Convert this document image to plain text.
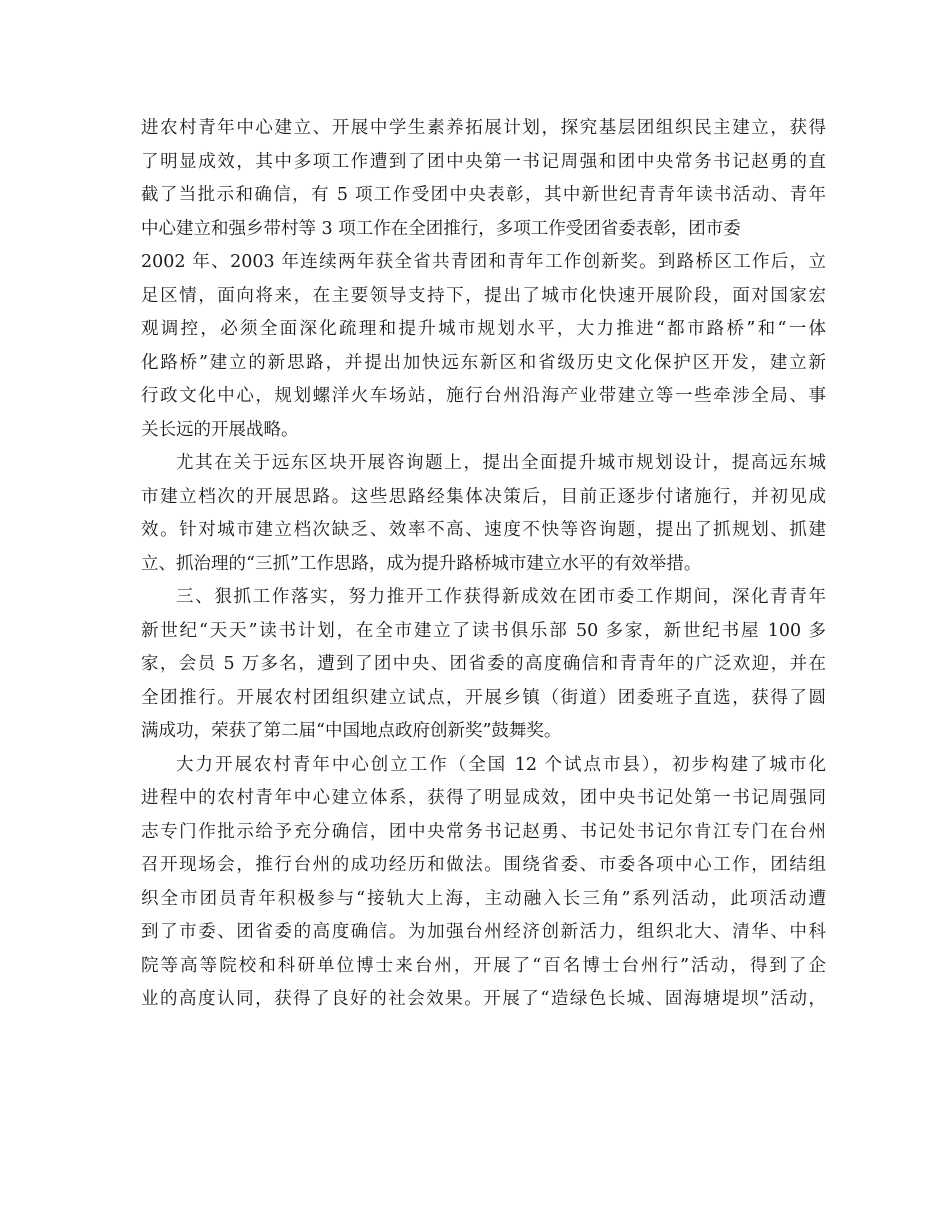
进农村青年中心建立、开展中学生素养拓展计划，探究基层团组织民主建立，获得
了明显成效，其中多项工作遭到了团中央第一书记周强和团中央常务书记赵勇的直
截了当批示和确信，有 5 项工作受团中央表彰，其中新世纪青青年读书活动、青年
中心建立和强乡带村等 3 项工作在全团推行，多项工作受团省委表彰，团市委
2002 年、2003 年连续两年获全省共青团和青年工作创新奖。到路桥区工作后，立
足区情，面向将来，在主要领导支持下，提出了城市化快速开展阶段，面对国家宏
观调控，必须全面深化疏理和提升城市规划水平，大力推进“都市路桥”和“一体
化路桥”建立的新思路，并提出加快远东新区和省级历史文化保护区开发，建立新
行政文化中心，规划螺洋火车场站，施行台州沿海产业带建立等一些牵涉全局、事
关长远的开展战略。
尤其在关于远东区块开展咨询题上，提出全面提升城市规划设计，提高远东城
市建立档次的开展思路。这些思路经集体决策后，目前正逐步付诸施行，并初见成
效。针对城市建立档次缺乏、效率不高、速度不快等咨询题，提出了抓规划、抓建
立、抓治理的“三抓”工作思路，成为提升路桥城市建立水平的有效举措。
三、狠抓工作落实，努力推开工作获得新成效在团市委工作期间，深化青青年
新世纪“天天”读书计划，在全市建立了读书俱乐部 50 多家，新世纪书屋 100 多
家，会员 5 万多名，遭到了团中央、团省委的高度确信和青青年的广泛欢迎，并在
全团推行。开展农村团组织建立试点，开展乡镇（街道）团委班子直选，获得了圆
满成功，荣获了第二届“中国地点政府创新奖”鼓舞奖。
大力开展农村青年中心创立工作（全国 12 个试点市县），初步构建了城市化
进程中的农村青年中心建立体系，获得了明显成效，团中央书记处第一书记周强同
志专门作批示给予充分确信，团中央常务书记赵勇、书记处书记尔肯江专门在台州
召开现场会，推行台州的成功经历和做法。围绕省委、市委各项中心工作，团结组
织全市团员青年积极参与“接轨大上海，主动融入长三角”系列活动，此项活动遭
到了市委、团省委的高度确信。为加强台州经济创新活力，组织北大、清华、中科
院等高等院校和科研单位博士来台州，开展了“百名博士台州行”活动，得到了企
业的高度认同，获得了良好的社会效果。开展了“造绿色长城、固海塘堤坝”活动，
